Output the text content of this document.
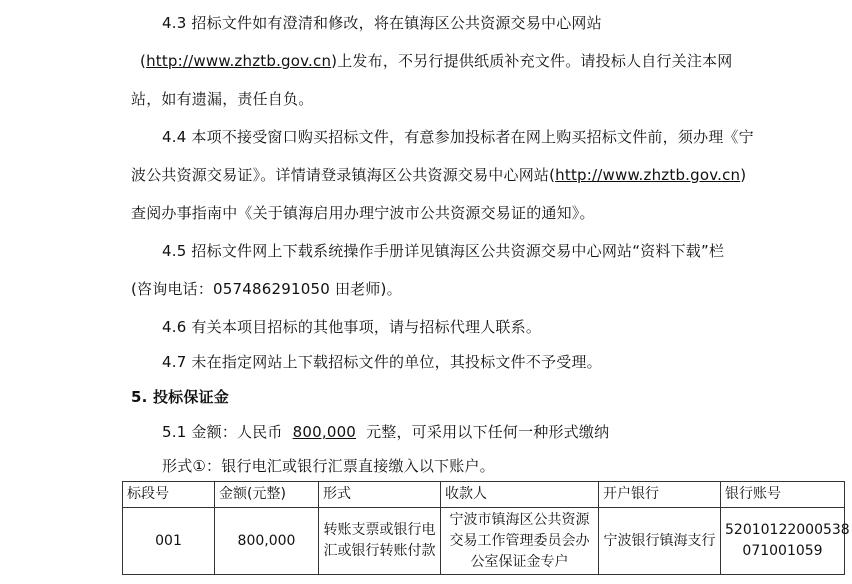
4.3 招标文件如有澄清和修改，将在镇海区公共资源交易中心网站
(http://www.zhztb.gov.cn)上发布，不另行提供纸质补充文件。请投标人自行关注本网
站，如有遗漏，责任自负。
4.4 本项不接受窗口购买招标文件，有意参加投标者在网上购买招标文件前，须办理《宁
波公共资源交易证》。详情请登录镇海区公共资源交易中心网站(http://www.zhztb.gov.cn)
查阅办事指南中《关于镇海启用办理宁波市公共资源交易证的通知》。
4.5 招标文件网上下载系统操作手册详见镇海区公共资源交易中心网站“资料下载”栏
(咨询电话：057486291050 田老师)。
4.6 有关本项目招标的其他事项，请与招标代理人联系。
4.7 未在指定网站上下载招标文件的单位，其投标文件不予受理。
5. 投标保证金
5.1 金额：人民币 800,000 元整，可采用以下任何一种形式缴纳
形式①：银行电汇或银行汇票直接缴入以下账户。
标段号	金额(元整)	形式	收款人	开户银行	银行账号
001	800,000	转账支票或银行电汇或银行转账付款	宁波市镇海区公共资源交易工作管理委员会办公室保证金专户	宁波银行镇海支行	52010122000538
071001059
